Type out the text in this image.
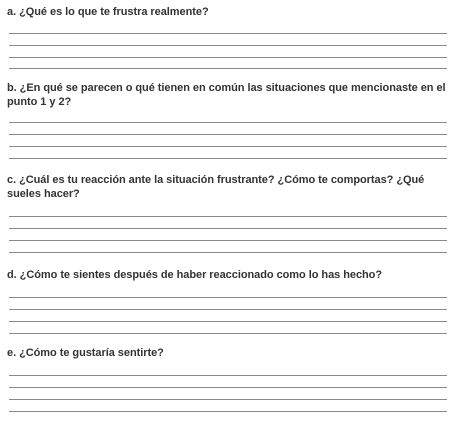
a. ¿Qué es lo que te frustra realmente?

b. ¿En qué se parecen o qué tienen en común las situaciones que mencionaste en el punto 1 y 2?

c. ¿Cuál es tu reacción ante la situación frustrante? ¿Cómo te comportas? ¿Qué sueles hacer?

d. ¿Cómo te sientes después de haber reaccionado como lo has hecho?

e. ¿Cómo te gustaría sentirte?
